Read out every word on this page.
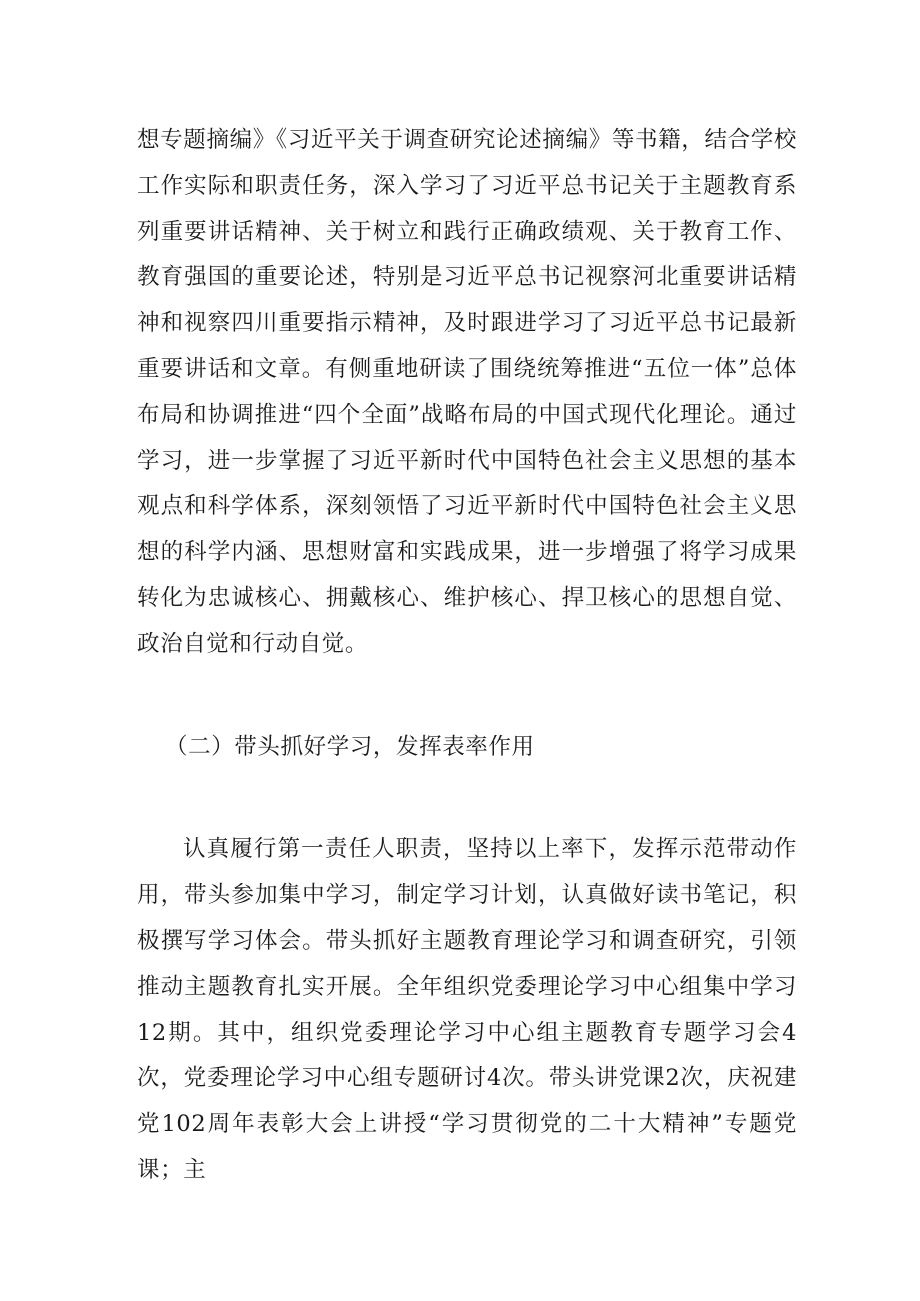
想专题摘编》《习近平关于调查研究论述摘编》等书籍，结合学校工作实际和职责任务，深入学习了习近平总书记关于主题教育系列重要讲话精神、关于树立和践行正确政绩观、关于教育工作、教育强国的重要论述，特别是习近平总书记视察河北重要讲话精神和视察四川重要指示精神，及时跟进学习了习近平总书记最新重要讲话和文章。有侧重地研读了围绕统筹推进“五位一体”总体布局和协调推进“四个全面”战略布局的中国式现代化理论。通过学习，进一步掌握了习近平新时代中国特色社会主义思想的基本观点和科学体系，深刻领悟了习近平新时代中国特色社会主义思想的科学内涵、思想财富和实践成果，进一步增强了将学习成果转化为忠诚核心、拥戴核心、维护核心、捍卫核心的思想自觉、政治自觉和行动自觉。

（二）带头抓好学习，发挥表率作用

认真履行第一责任人职责，坚持以上率下，发挥示范带动作用，带头参加集中学习，制定学习计划，认真做好读书笔记，积极撰写学习体会。带头抓好主题教育理论学习和调查研究，引领推动主题教育扎实开展。全年组织党委理论学习中心组集中学习12期。其中，组织党委理论学习中心组主题教育专题学习会4次，党委理论学习中心组专题研讨4次。带头讲党课2次，庆祝建党102周年表彰大会上讲授“学习贯彻党的二十大精神”专题党课；主
